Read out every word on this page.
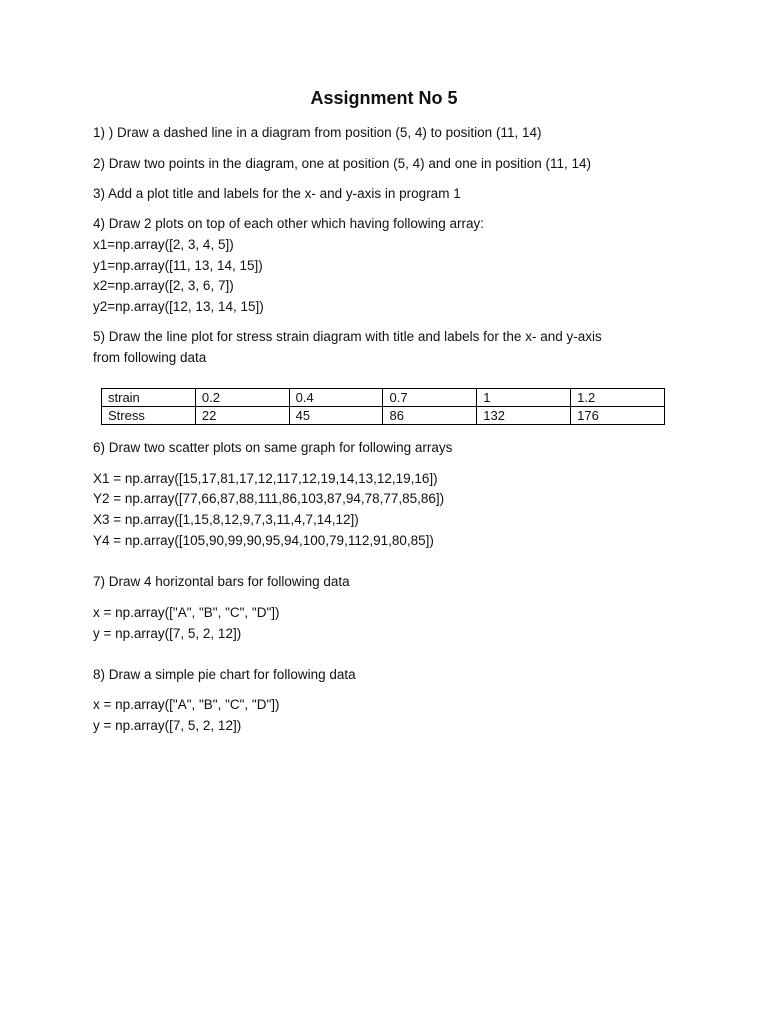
Assignment No 5
1) ) Draw a dashed line in a diagram from position (5, 4) to position (11, 14)
2) Draw two points in the diagram, one at position (5, 4) and one in position (11, 14)
3) Add a plot title and labels for the x- and y-axis in program 1
4) Draw 2 plots on top of each other which having following array:
x1=np.array([2, 3, 4, 5])
y1=np.array([11, 13, 14, 15])
x2=np.array([2, 3, 6, 7])
y2=np.array([12, 13, 14, 15])
5) Draw the line plot for stress strain diagram with title and labels for the x- and y-axis
from following data
strain	0.2	0.4	0.7	1	1.2
Stress	22	45	86	132	176
6) Draw two scatter plots on same graph for following arrays
X1 = np.array([15,17,81,17,12,117,12,19,14,13,12,19,16])
Y2 = np.array([77,66,87,88,111,86,103,87,94,78,77,85,86])
X3 = np.array([1,15,8,12,9,7,3,11,4,7,14,12])
Y4 = np.array([105,90,99,90,95,94,100,79,112,91,80,85])
7) Draw 4 horizontal bars for following data
x = np.array(["A", "B", "C", "D"])
y = np.array([7, 5, 2, 12])
8) Draw a simple pie chart for following data
x = np.array(["A", "B", "C", "D"])
y = np.array([7, 5, 2, 12])
